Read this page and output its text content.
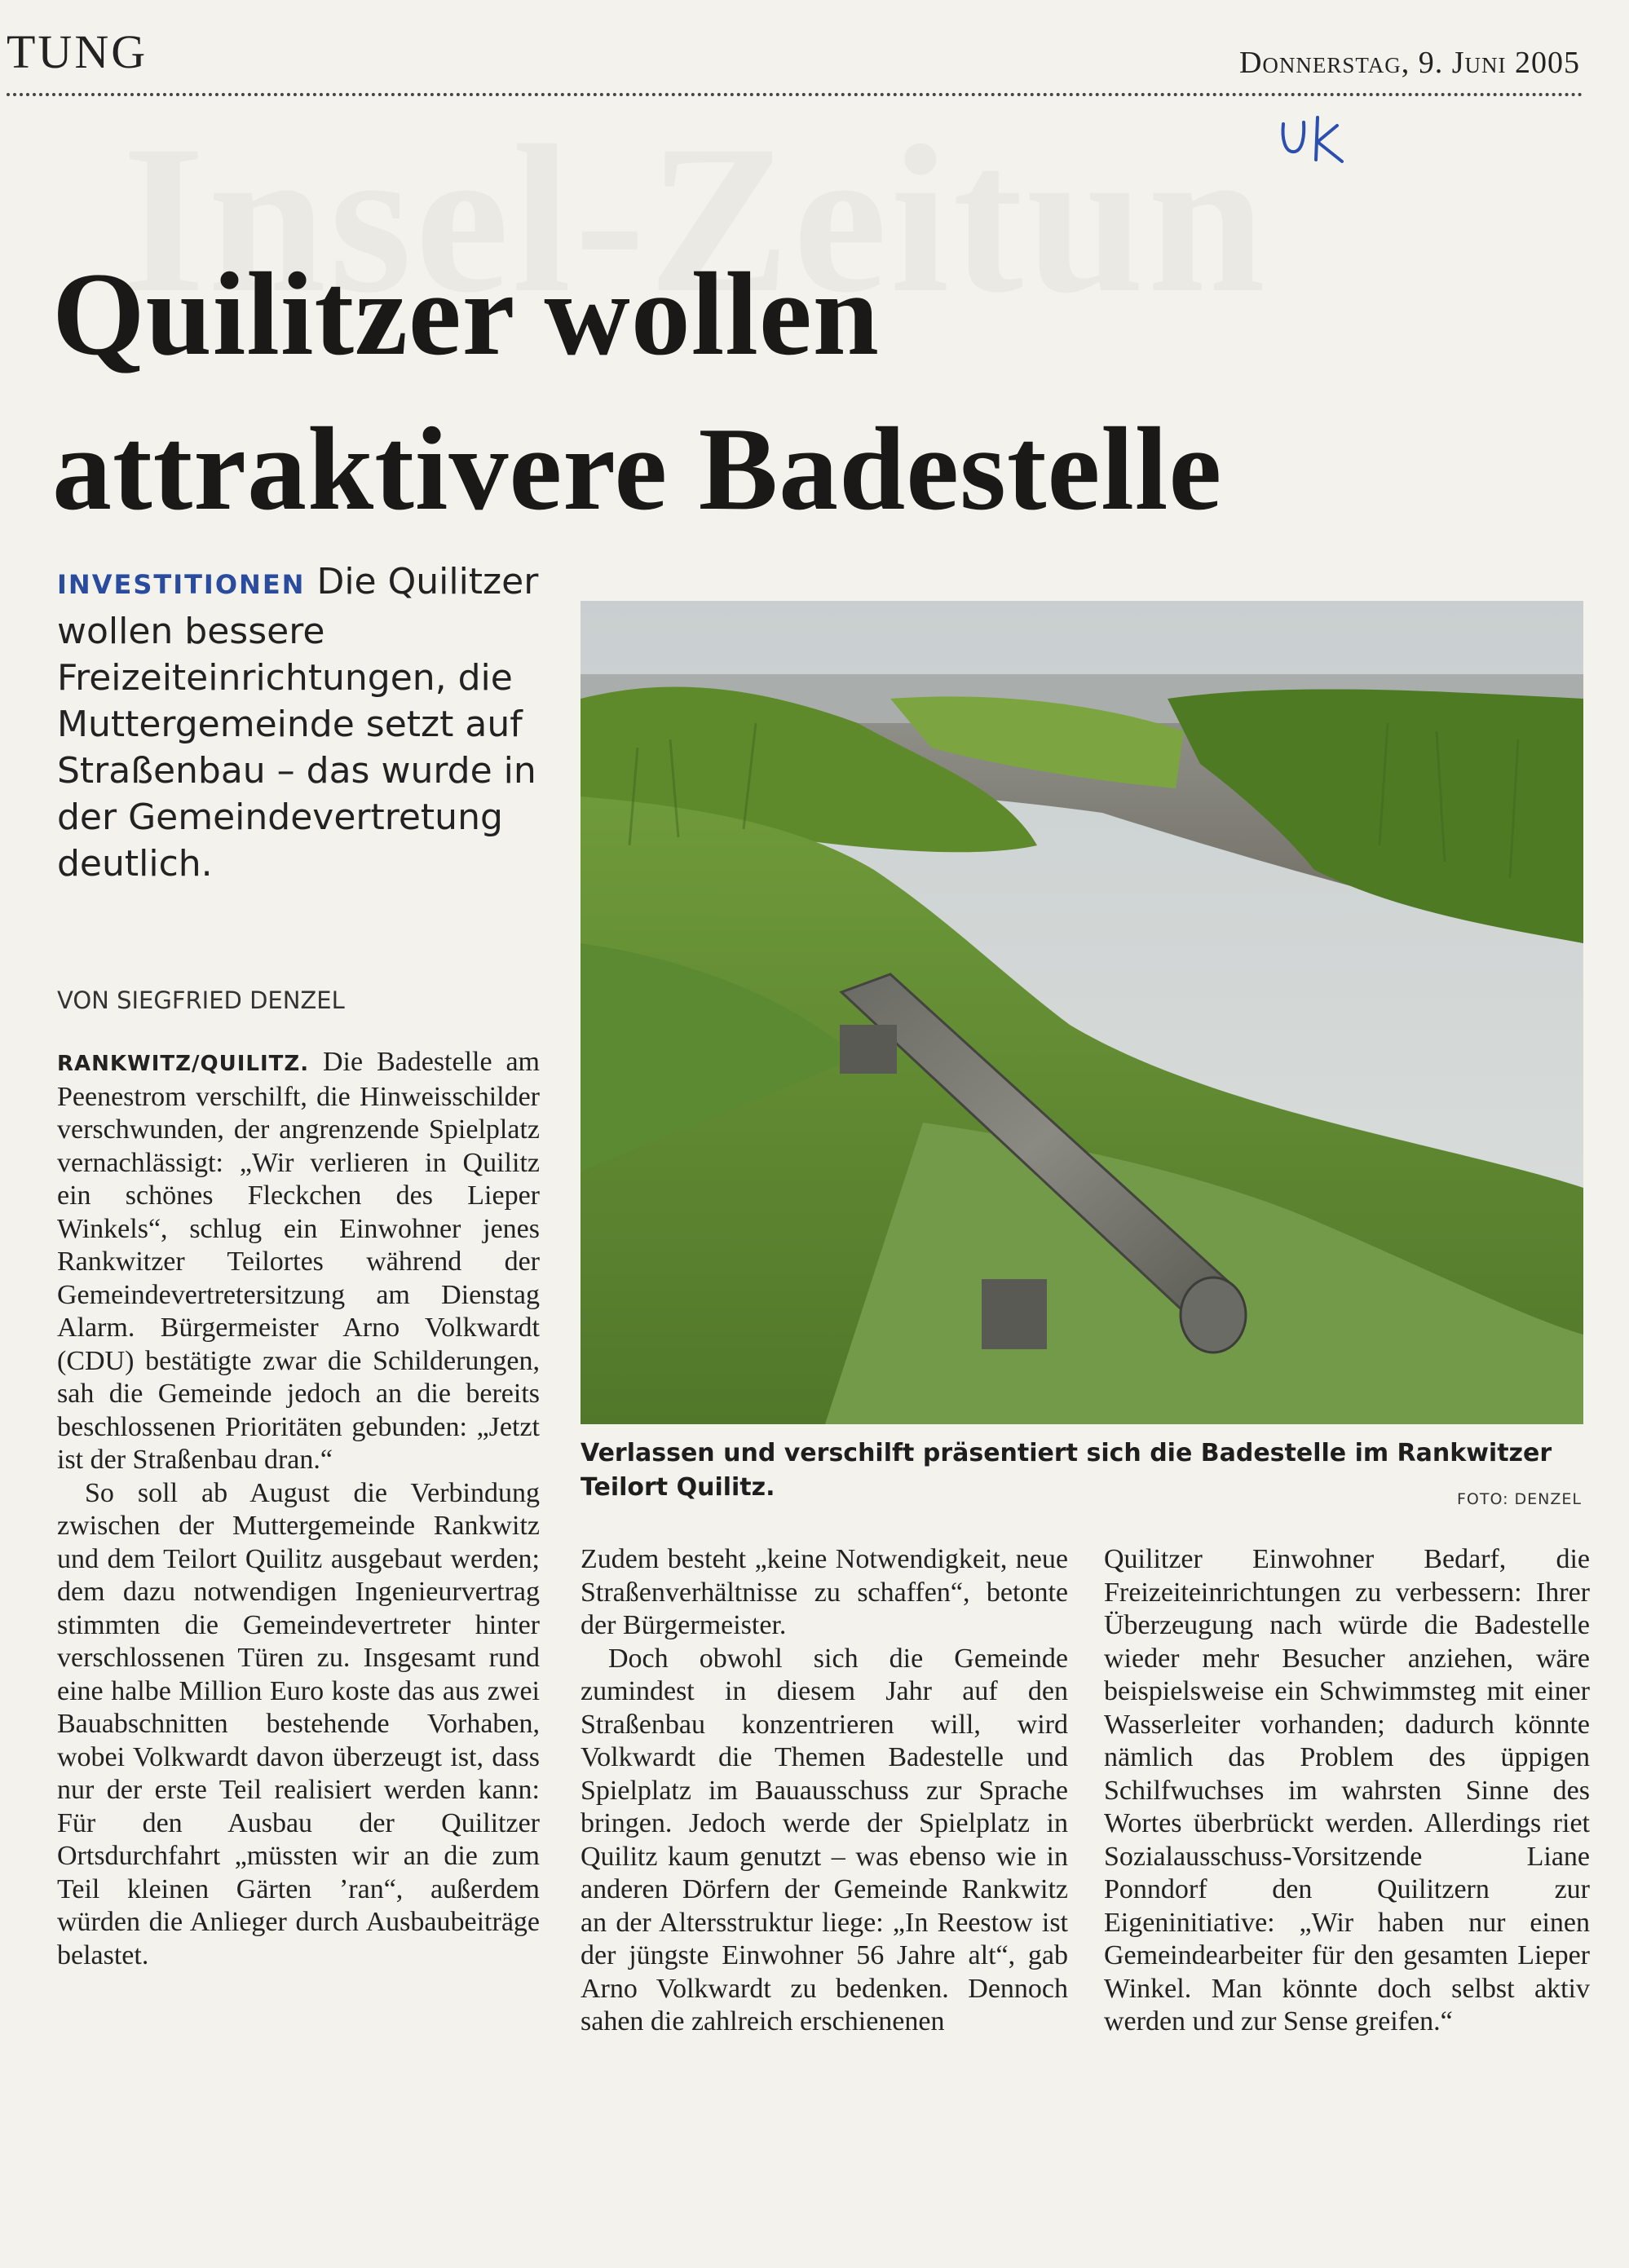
TUNG	Donnerstag, 9. Juni 2005
Quilitzer wollen
attraktivere Badestelle
INVESTITIONEN Die Quilitzer wollen bessere Freizeiteinrichtungen, die Muttergemeinde setzt auf Straßenbau – das wurde in der Gemeindevertretung deutlich.
VON SIEGFRIED DENZEL

RANKWITZ/QUILITZ. Die Badestelle am Peenestrom verschilft, die Hinweisschilder verschwunden, der angrenzende Spielplatz vernachlässigt: „Wir verlieren in Quilitz ein schönes Fleckchen des Lieper Winkels“, schlug ein Einwohner jenes Rankwitzer Teilortes während der Gemeindevertretersitzung am Dienstag Alarm. Bürgermeister Arno Volkwardt (CDU) bestätigte zwar die Schilderungen, sah die Gemeinde jedoch an die bereits beschlossenen Prioritäten gebunden: „Jetzt ist der Straßenbau dran.“

So soll ab August die Verbindung zwischen der Muttergemeinde Rankwitz und dem Teilort Quilitz ausgebaut werden; dem dazu notwendigen Ingenieurvertrag stimmten die Gemeindevertreter hinter verschlossenen Türen zu. Insgesamt rund eine halbe Million Euro koste das aus zwei Bauabschnitten bestehende Vorhaben, wobei Volkwardt davon überzeugt ist, dass nur der erste Teil realisiert werden kann: Für den Ausbau der Quilitzer Ortsdurchfahrt „müssten wir an die zum Teil kleinen Gärten ’ran“, außerdem würden die Anlieger durch Ausbaubeiträge belastet.

Verlassen und verschilft präsentiert sich die Badestelle im Rankwitzer Teilort Quilitz.	FOTO: DENZEL

Zudem besteht „keine Notwendigkeit, neue Straßenverhältnisse zu schaffen“, betonte der Bürgermeister.

Doch obwohl sich die Gemeinde zumindest in diesem Jahr auf den Straßenbau konzentrieren will, wird Volkwardt die Themen Badestelle und Spielplatz im Bauausschuss zur Sprache bringen. Jedoch werde der Spielplatz in Quilitz kaum genutzt – was ebenso wie in anderen Dörfern der Gemeinde Rankwitz an der Altersstruktur liege: „In Reestow ist der jüngste Einwohner 56 Jahre alt“, gab Arno Volkwardt zu bedenken. Dennoch sahen die zahlreich erschienenen

Quilitzer Einwohner Bedarf, die Freizeiteinrichtungen zu verbessern: Ihrer Überzeugung nach würde die Badestelle wieder mehr Besucher anziehen, wäre beispielsweise ein Schwimmsteg mit einer Wasserleiter vorhanden; dadurch könnte nämlich das Problem des üppigen Schilfwuchses im wahrsten Sinne des Wortes überbrückt werden. Allerdings riet Sozialausschuss-Vorsitzende Liane Ponndorf den Quilitzern zur Eigeninitiative: „Wir haben nur einen Gemeindearbeiter für den gesamten Lieper Winkel. Man könnte doch selbst aktiv werden und zur Sense greifen.“
